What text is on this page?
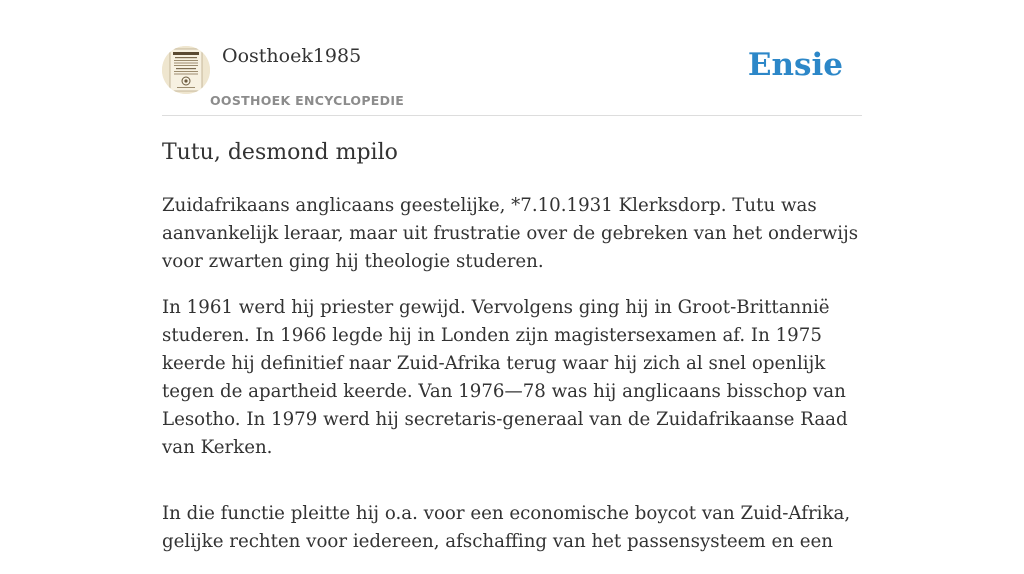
Oosthoek1985
OOSTHOEK ENCYCLOPEDIE
Ensie
Tutu, desmond mpilo

Zuidafrikaans anglicaans geestelijke, *7.10.1931 Klerksdorp. Tutu was aanvankelijk leraar, maar uit frustratie over de gebreken van het onderwijs voor zwarten ging hij theologie studeren.

In 1961 werd hij priester gewijd. Vervolgens ging hij in Groot-Brittannië studeren. In 1966 legde hij in Londen zijn magistersexamen af. In 1975 keerde hij definitief naar Zuid-Afrika terug waar hij zich al snel openlijk tegen de apartheid keerde. Van 1976—78 was hij anglicaans bisschop van Lesotho. In 1979 werd hij secretaris-generaal van de Zuidafrikaanse Raad van Kerken.

In die functie pleitte hij o.a. voor een economische boycot van Zuid-Afrika, gelijke rechten voor iedereen, afschaffing van het passensysteem en een
